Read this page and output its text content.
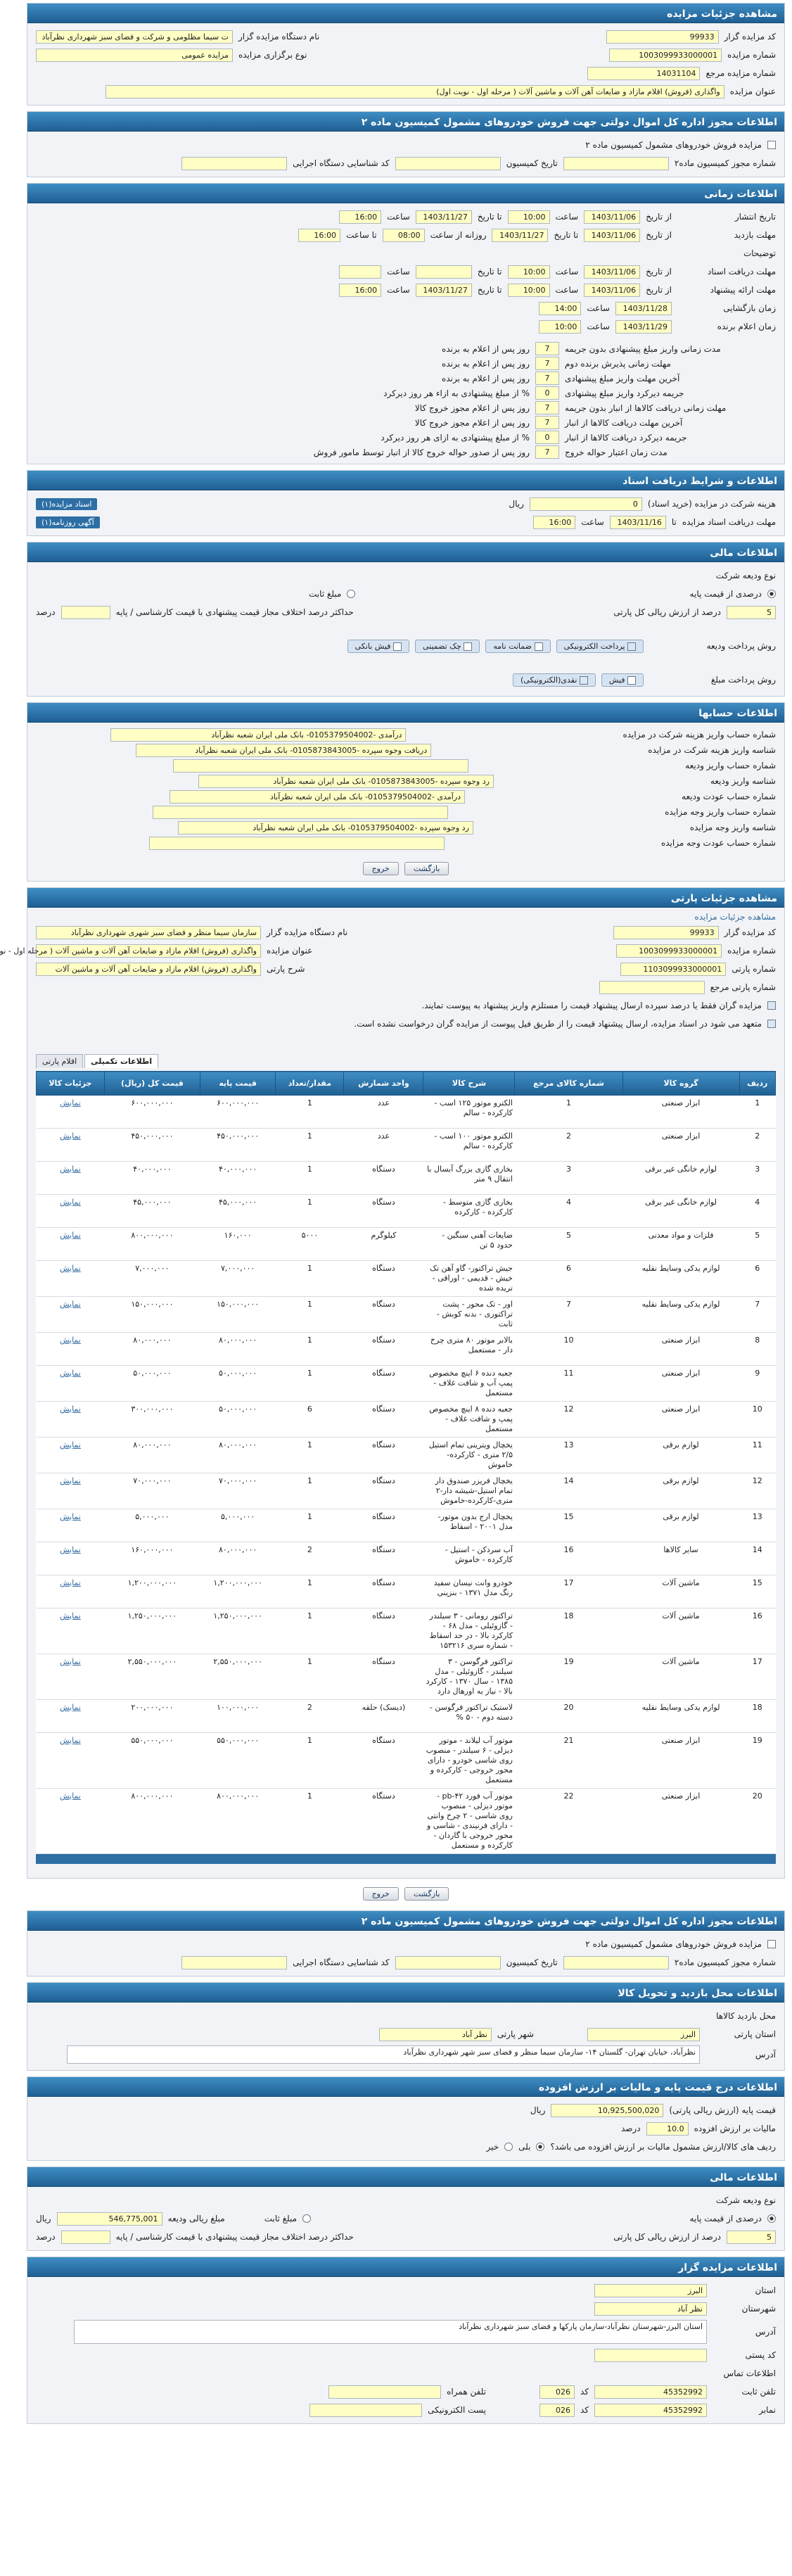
مشاهده جزئیات مزایده
کد مزایده گزار
99933
نام دستگاه مزایده گزار
ت سیما مظلومی و شرکت و فضای سبز شهرداری نظرآباد
شماره مزایده
1003099933000001
نوع برگزاری مزایده
مزایده عمومی
شماره مزایده مرجع
14031104
عنوان مزایده
واگذاری (فروش) اقلام مازاد و ضایعات آهن آلات و ماشین آلات ( مرحله اول - نوبت اول)
اطلاعات مجوز اداره کل اموال دولتی جهت فروش خودروهای مشمول کمیسیون ماده ۲
مزایده فروش خودروهای مشمول کمیسیون ماده ۲
شماره مجوز کمیسیون ماده۲
تاریخ کمیسیون
کد شناسایی دستگاه اجرایی
اطلاعات زمانی
تاریخ انتشار
از تاریخ
1403/11/06
ساعت
10:00
تا تاریخ
1403/11/27
ساعت
16:00
مهلت بازدید
از تاریخ
1403/11/06
تا تاریخ
1403/11/27
روزانه از ساعت
08:00
تا ساعت
16:00
توضیحات
مهلت دریافت اسناد
از تاریخ
1403/11/06
ساعت
10:00
تا تاریخ
ساعت
مهلت ارائه پیشنهاد
از تاریخ
1403/11/06
ساعت
10:00
تا تاریخ
1403/11/27
ساعت
16:00
زمان بازگشایی
1403/11/28
ساعت
14:00
زمان اعلام برنده
1403/11/29
ساعت
10:00
مدت زمانی واریز مبلغ پیشنهادی بدون جریمه
7
روز پس از اعلام به برنده
مهلت زمانی پذیرش برنده دوم
7
روز پس از اعلام به برنده
آخرین مهلت واریز مبلغ پیشنهادی
7
روز پس از اعلام به برنده
جریمه دیرکرد واریز مبلغ پیشنهادی
0
% از مبلغ پیشنهادی به ازاء هر روز دیرکرد
مهلت زمانی دریافت کالاها از انبار بدون جریمه
7
روز پس از اعلام مجوز خروج کالا
آخرین مهلت دریافت کالاها از انبار
7
روز پس از اعلام مجوز خروج کالا
جریمه دیرکرد دریافت کالاها از انبار
0
% از مبلغ پیشنهادی به ازای هر روز دیرکرد
مدت زمان اعتبار حواله خروج
7
روز پس از صدور حواله خروج کالا از انبار توسط مامور فروش
اطلاعات و شرایط دریافت اسناد
هزینه شرکت در مزایده (خرید اسناد)
0
ریال
اسناد مزایده(۱)
مهلت دریافت اسناد مزایده
تا
1403/11/16
ساعت
16:00
آگهی روزنامه(۱)
اطلاعات مالی
نوع ودیعه شرکت
درصدی از قیمت پایه
مبلغ ثابت
5
درصد از ارزش ریالی کل پارتی
حداکثر درصد اختلاف مجاز قیمت پیشنهادی با قیمت کارشناسی / پایه
درصد
روش پرداخت ودیعه
پرداخت الکترونیکی
ضمانت نامه
چک تضمینی
فیش بانکی
روش پرداخت مبلغ
فیش
نقدی(الکترونیکی)
اطلاعات حسابها
درآمدی -0105379504002- بانک ملی ایران شعبه نظرآباد	شماره حساب واریز هزینه شرکت در مزایده
دریافت وجوه سپرده -0105873843005- بانک ملی ایران شعبه نظرآباد	شناسه واریز هزینه شرکت در مزایده
شماره حساب واریز ودیعه
رد وجوه سپرده -0105873843005- بانک ملی ایران شعبه نظرآباد	شناسه واریز ودیعه
درآمدی -0105379504002- بانک ملی ایران شعبه نظرآباد	شماره حساب عودت ودیعه
شماره حساب واریز وجه مزایده
رد وجوه سپرده -0105379504002- بانک ملی ایران شعبه نظرآباد	شناسه واریز وجه مزایده
شماره حساب عودت وجه مزایده
بازگشت
خروج
مشاهده جزئیات پارتی
مشاهده جزئیات مزایده
کد مزایده گزار
99933
نام دستگاه مزایده گزار
سازمان سیما منظر و فضای سبز شهری شهرداری نظرآباد
شماره مزایده
1003099933000001
عنوان مزایده
واگذاری (فروش) اقلام مازاد و ضایعات آهن آلات و ماشین آلات ( مرحله اول - نو
شماره پارتی
1103099933000001
شرح پارتی
واگذاری (فروش) اقلام مازاد و ضایعات آهن آلات و ماشین آلات
شماره پارتی مرجع
مزایده گران فقط یا درصد سپرده ارسال پیشنهاد قیمت را مستلزم واریز پیشنهاد به پیوست تمایند.
متعهد می شود در اسناد مزایده، ارسال پیشنهاد قیمت را از طریق فیل پیوست از مزایده گران درخواست نشده است.
اطلاعات تکمیلی
اقلام پارتی
ردیف	گروه کالا	شماره کالای مرجع	شرح کالا	واحد شمارش	مقدار/تعداد	قیمت پایه	قیمت کل (ریال)	جزئیات کالا
1	ابزار صنعتی	1	الکترو موتور ۱۲۵ اسب - کارکرده - سالم	عدد	1	۶۰۰,۰۰۰,۰۰۰	۶۰۰,۰۰۰,۰۰۰	نمایش
2	ابزار صنعتی	2	الکترو موتور ۱۰۰ اسب - کارکرده - سالم	عدد	1	۴۵۰,۰۰۰,۰۰۰	۴۵۰,۰۰۰,۰۰۰	نمایش
3	لوازم خانگی غیر برقی	3	بخاری گازی بزرگ آبسال با انتقال ۹ متر	دستگاه	1	۴۰,۰۰۰,۰۰۰	۴۰,۰۰۰,۰۰۰	نمایش
4	لوازم خانگی غیر برقی	4	بخاری گازی متوسط - کارکرده - کارکرده	دستگاه	1	۴۵,۰۰۰,۰۰۰	۴۵,۰۰۰,۰۰۰	نمایش
5	فلزات و مواد معدنی	5	ضایعات آهنی سنگین - حدود ۵ تن	کیلوگرم	۵۰۰۰	۱۶۰,۰۰۰	۸۰۰,۰۰۰,۰۰۰	نمایش
6	لوازم یدکی وسایط نقلیه	6	جیش تراکتور- گاو آهن تک خیش - قدیمی - اوراقی - تریده شده	دستگاه	1	۷,۰۰۰,۰۰۰	۷,۰۰۰,۰۰۰	نمایش
7	لوازم یدکی وسایط نقلیه	7	اور - تک محور - پشت تراکتوری - بدنه کوبش - ثابت	دستگاه	1	۱۵۰,۰۰۰,۰۰۰	۱۵۰,۰۰۰,۰۰۰	نمایش
8	ابزار صنعتی	10	بالابر موتور ۸۰ متری چرخ دار - مستعمل	دستگاه	1	۸۰,۰۰۰,۰۰۰	۸۰,۰۰۰,۰۰۰	نمایش
9	ابزار صنعتی	11	جعبه دنده ۶ اینچ مخصوص پمپ آب و شافت غلاف - مستعمل	دستگاه	1	۵۰,۰۰۰,۰۰۰	۵۰,۰۰۰,۰۰۰	نمایش
10	ابزار صنعتی	12	جعبه دنده ۸ اینچ مخصوص پمپ و شافت غلاف - مستعمل	دستگاه	6	۵۰,۰۰۰,۰۰۰	۳۰۰,۰۰۰,۰۰۰	نمایش
11	لوازم برقی	13	یخچال ویترینی تمام استیل ۲/۵ متری - کارکرده-خاموش	دستگاه	1	۸۰,۰۰۰,۰۰۰	۸۰,۰۰۰,۰۰۰	نمایش
12	لوازم برقی	14	یخچال فریزر صندوق دار تمام استیل-شیشه دار-۲ متری-کارکرده-خاموش	دستگاه	1	۷۰,۰۰۰,۰۰۰	۷۰,۰۰۰,۰۰۰	نمایش
13	لوازم برقی	15	یخچال ارج بدون موتور- مدل ۲۰۰۱ - اسقاط	دستگاه	1	۵,۰۰۰,۰۰۰	۵,۰۰۰,۰۰۰	نمایش
14	سایر کالاها	16	آب سردکن - استیل - کارکرده - خاموش	دستگاه	2	۸۰,۰۰۰,۰۰۰	۱۶۰,۰۰۰,۰۰۰	نمایش
15	ماشین آلات	17	خودرو وانت نیسان سفید رنگ مدل ۱۳۷۱ - بنزینی	دستگاه	1	۱,۲۰۰,۰۰۰,۰۰۰	۱,۲۰۰,۰۰۰,۰۰۰	نمایش
16	ماشین آلات	18	تراکتور رومانی - ۳ سیلندر - گازوئیلی - مدل ۶۸ - کارکرد بالا - در حد اسقاط - شماره سری ۱۵۳۲۱۶	دستگاه	1	۱,۲۵۰,۰۰۰,۰۰۰	۱,۲۵۰,۰۰۰,۰۰۰	نمایش
17	ماشین آلات	19	تراکتور فرگوسن - ۳ سیلندر - گازوئیلی - مدل ۱۳۸۵ - سال ۱۳۷۰ - کارکرد بالا - نیاز به اورهال دارد	دستگاه	1	۲,۵۵۰,۰۰۰,۰۰۰	۲,۵۵۰,۰۰۰,۰۰۰	نمایش
18	لوازم یدکی وسایط نقلیه	20	لاستیک تراکتور فرگوسن - دسته دوم - ۵۰ %	(دیسک) حلقه	2	۱۰۰,۰۰۰,۰۰۰	۲۰۰,۰۰۰,۰۰۰	نمایش
19	ابزار صنعتی	21	موتور آب لیلاند - موتور دیزلی - ۶ سیلندر - منصوب روی شاسی خودرو - دارای محور خروجی - کارکرده و مستعمل	دستگاه	1	۵۵۰,۰۰۰,۰۰۰	۵۵۰,۰۰۰,۰۰۰	نمایش
20	ابزار صنعتی	22	موتور آب فورد pb-۴۲ - موتور دیزلی - منصوب روی شاسی - ۲ چرخ وانتی - دارای فرنیندی - شاسی و محور خروجی با گاردان - کارکرده و مستعمل	دستگاه	1	۸۰۰,۰۰۰,۰۰۰	۸۰۰,۰۰۰,۰۰۰	نمایش
بازگشت
خروج
اطلاعات مجوز اداره کل اموال دولتی جهت فروش خودروهای مشمول کمیسیون ماده ۲
مزایده فروش خودروهای مشمول کمیسیون ماده ۲
شماره مجوز کمیسیون ماده۲
تاریخ کمیسیون
کد شناسایی دستگاه اجرایی
اطلاعات محل بازدید و تحویل کالا
محل بازدید کالاها
استان پارتی
البرز
شهر پارتی
نظر آباد
آدرس
نظرآباد، خیابان تهران- گلستان ۱۴- سازمان سیما منظر و فضای سبز شهر شهرداری نظرآباد
اطلاعات درج قیمت پایه و مالیات بر ارزش افزوده
قیمت پایه (ارزش ریالی پارتی)
10,925,500,020
ریال
مالیات بر ارزش افزوده
10.0
درصد
ردیف های کالا/ارزش مشمول مالیات بر ارزش افزوده می باشد؟
بلی
خیر
اطلاعات مالی
نوع ودیعه شرکت
درصدی از قیمت پایه
مبلغ ثابت
مبلغ ریالی ودیعه
546,775,001
ریال
5
درصد از ارزش ریالی کل پارتی
حداکثر درصد اختلاف مجاز قیمت پیشنهادی با قیمت کارشناسی / پایه
درصد
اطلاعات مزایده گزار
استان
البرز
شهرستان
نظر آباد
آدرس
استان البرز-شهرستان نظرآباد-سازمان پارکها و فضای سبز شهرداری نظرآباد
کد پستی
اطلاعات تماس
تلفن ثابت
45352992
کد
026
تلفن همراه
نمابر
45352992
کد
026
پست الکترونیکی
